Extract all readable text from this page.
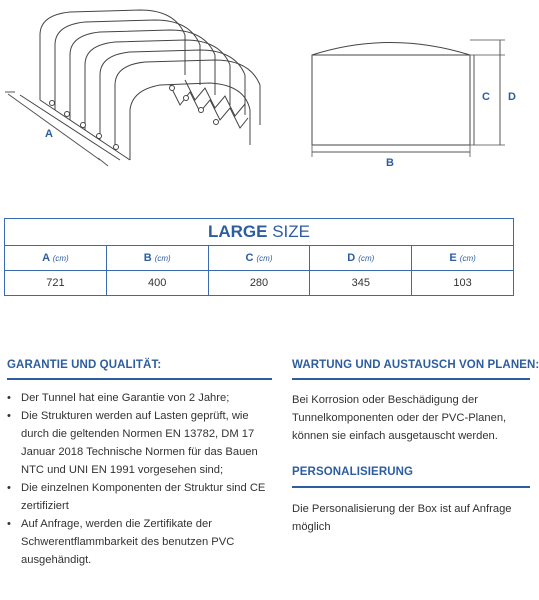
A
C D
B
LARGE SIZE				
A (cm)	B (cm)	C (cm)	D (cm)	E (cm)
721	400	280	345	103
GARANTIE UND QUALITÄT:
• Der Tunnel hat eine Garantie von 2 Jahre;
• Die Strukturen werden auf Lasten geprüft, wie durch die geltenden Normen EN 13782, DM 17 Januar 2018 Technische Normen für das Bauen NTC und UNI EN 1991 vorgesehen sind;
• Die einzelnen Komponenten der Struktur sind CE zertifiziert
• Auf Anfrage, werden die Zertifikate der Schwerentflammbarkeit des benutzen PVC ausgehändigt.
WARTUNG UND AUSTAUSCH VON PLANEN:
Bei Korrosion oder Beschädigung der Tunnelkomponenten oder der PVC-Planen, können sie einfach ausgetauscht werden.
PERSONALISIERUNG
Die Personalisierung der Box ist auf Anfrage möglich
